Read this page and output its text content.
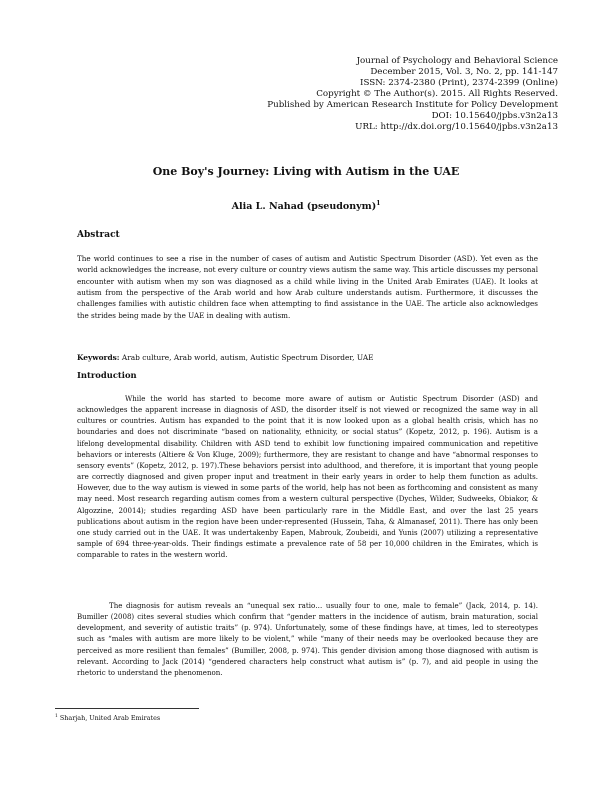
Journal of Psychology and Behavioral Science
December 2015, Vol. 3, No. 2, pp. 141-147
ISSN: 2374-2380 (Print), 2374-2399 (Online)
Copyright © The Author(s). 2015. All Rights Reserved.
Published by American Research Institute for Policy Development
DOI: 10.15640/jpbs.v3n2a13
URL: http://dx.doi.org/10.15640/jpbs.v3n2a13
One Boy's Journey: Living with Autism in the UAE
Alia L. Nahad (pseudonym)$^1$
Abstract
The world continues to see a rise in the number of cases of autism and Autistic Spectrum Disorder (ASD). Yet even as the world acknowledges the increase, not every culture or country views autism the same way. This article discusses my personal encounter with autism when my son was diagnosed as a child while living in the United Arab Emirates (UAE). It looks at autism from the perspective of the Arab world and how Arab culture understands autism. Furthermore, it discusses the challenges families with autistic children face when attempting to find assistance in the UAE. The article also acknowledges the strides being made by the UAE in dealing with autism.
Keywords: Arab culture, Arab world, autism, Autistic Spectrum Disorder, UAE
Introduction
While the world has started to become more aware of autism or Autistic Spectrum Disorder (ASD) and acknowledges the apparent increase in diagnosis of ASD, the disorder itself is not viewed or recognized the same way in all cultures or countries. Autism has expanded to the point that it is now looked upon as a global health crisis, which has no boundaries and does not discriminate “based on nationality, ethnicity, or social status” (Kopetz, 2012, p. 196). Autism is a lifelong developmental disability. Children with ASD tend to exhibit low functioning impaired communication and repetitive behaviors or interests (Altiere & Von Kluge, 2009); furthermore, they are resistant to change and have “abnormal responses to sensory events” (Kopetz, 2012, p. 197).These behaviors persist into adulthood, and therefore, it is important that young people are correctly diagnosed and given proper input and treatment in their early years in order to help them function as adults. However, due to the way autism is viewed in some parts of the world, help has not been as forthcoming and consistent as many may need. Most research regarding autism comes from a western cultural perspective (Dyches, Wilder, Sudweeks, Obiakor, & Algozzine, 20014); studies regarding ASD have been particularly rare in the Middle East, and over the last 25 years publications about autism in the region have been under-represented (Hussein, Taha, & Almanasef, 2011). There has only been one study carried out in the UAE. It was undertakenby Eapen, Mabrouk, Zoubeidi, and Yunis (2007) utilizing a representative sample of 694 three-year-olds. Their findings estimate a prevalence rate of 58 per 10,000 children in the Emirates, which is comparable to rates in the western world.
The diagnosis for autism reveals an “unequal sex ratio… usually four to one, male to female” (Jack, 2014, p. 14). Bumiller (2008) cites several studies which confirm that “gender matters in the incidence of autism, brain maturation, social development, and severity of autistic traits” (p. 974). Unfortunately, some of these findings have, at times, led to stereotypes such as “males with autism are more likely to be violent,” while “many of their needs may be overlooked because they are perceived as more resilient than females” (Bumiller, 2008, p. 974). This gender division among those diagnosed with autism is relevant. According to Jack (2014) “gendered characters help construct what autism is” (p. 7), and aid people in using the rhetoric to understand the phenomenon.
$^1$ Sharjah, United Arab Emirates
